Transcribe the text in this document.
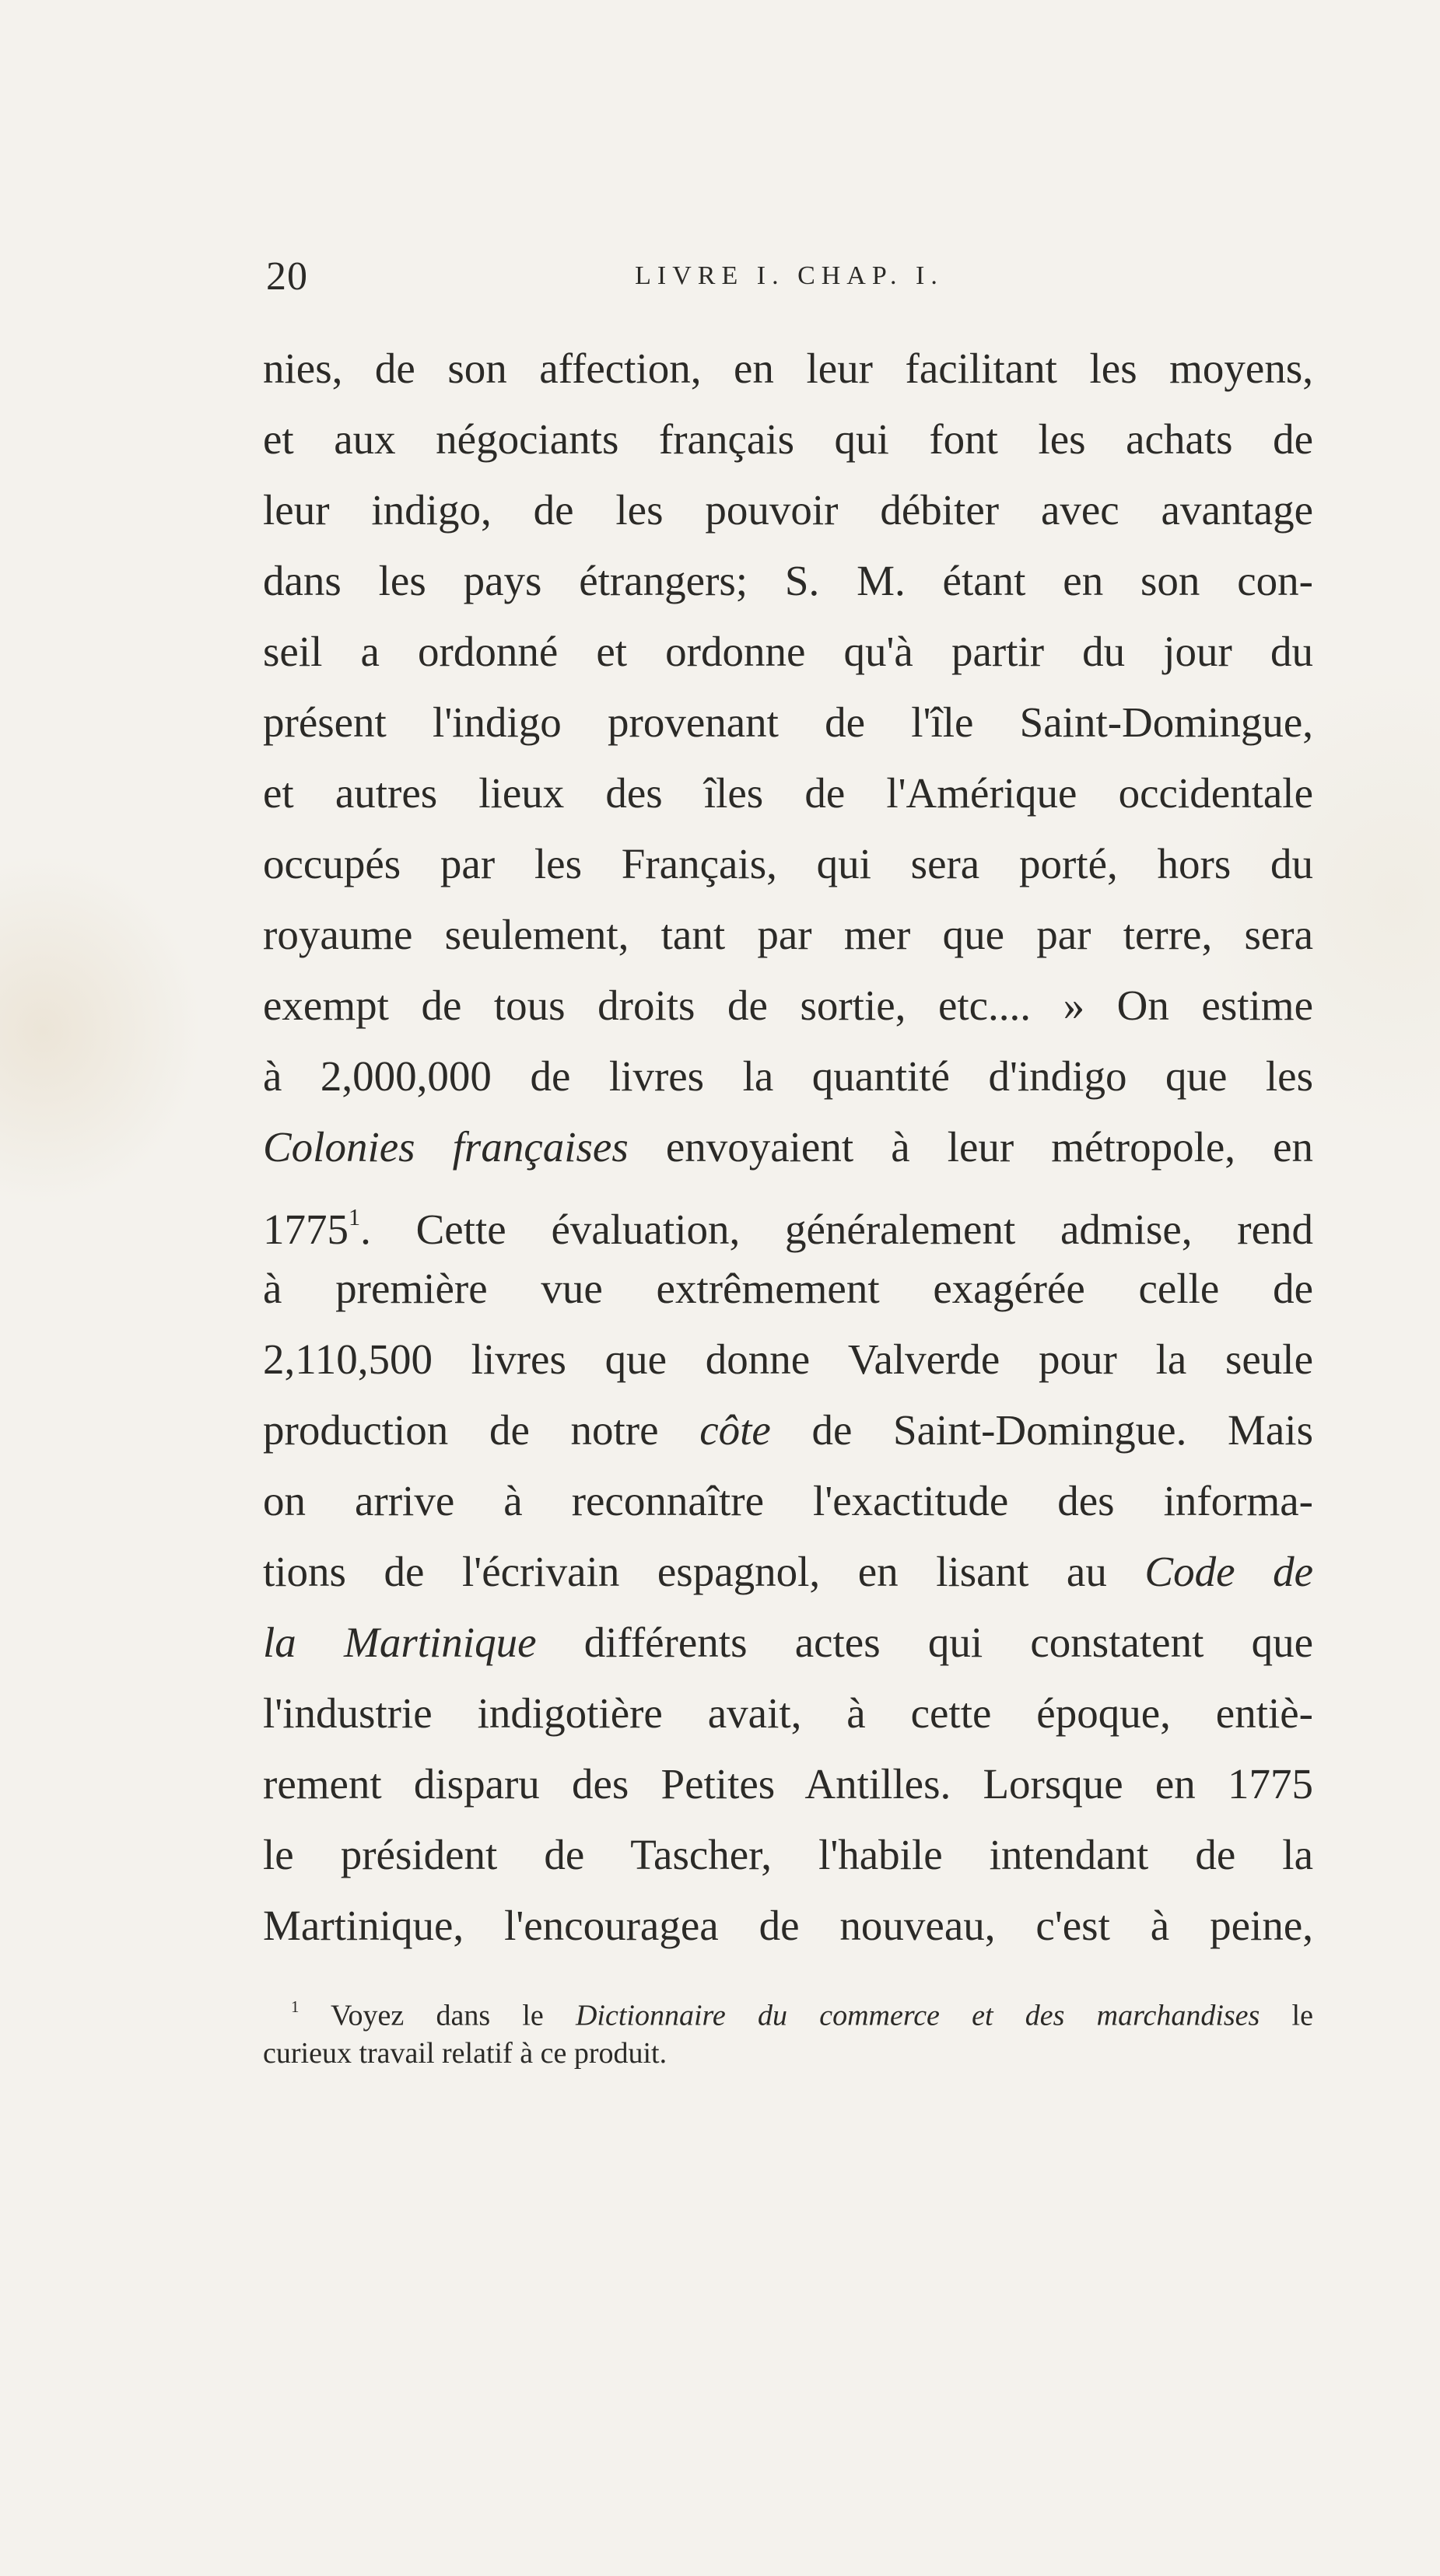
20	LIVRE I. CHAP. I.
nies, de son affection, en leur facilitant les moyens,
et aux négociants français qui font les achats de
leur indigo, de les pouvoir débiter avec avantage
dans les pays étrangers; S. M. étant en son con-
seil a ordonné et ordonne qu'à partir du jour du
présent l'indigo provenant de l'île Saint-Domingue,
et autres lieux des îles de l'Amérique occidentale
occupés par les Français, qui sera porté, hors du
royaume seulement, tant par mer que par terre, sera
exempt de tous droits de sortie, etc.... » On estime
à 2,000,000 de livres la quantité d'indigo que les
Colonies françaises envoyaient à leur métropole, en
1775$^1$. Cette évaluation, généralement admise, rend
à première vue extrêmement exagérée celle de
2,110,500 livres que donne Valverde pour la seule
production de notre côte de Saint-Domingue. Mais
on arrive à reconnaître l'exactitude des informa-
tions de l'écrivain espagnol, en lisant au Code de
la Martinique différents actes qui constatent que
l'industrie indigotière avait, à cette époque, entiè-
rement disparu des Petites Antilles. Lorsque en 1775
le président de Tascher, l'habile intendant de la
Martinique, l'encouragea de nouveau, c'est à peine,
$^1$ Voyez dans le Dictionnaire du commerce et des marchandises le
curieux travail relatif à ce produit.
